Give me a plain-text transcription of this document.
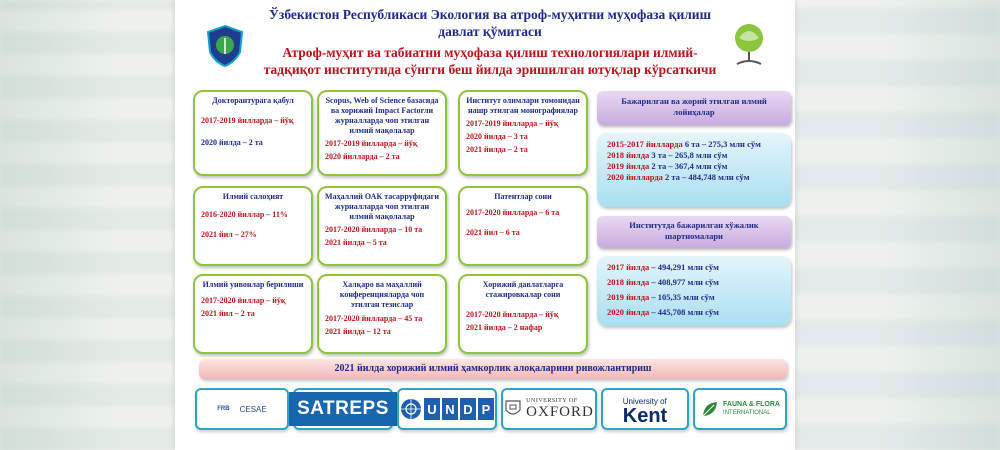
Ўзбекистон Республикаси Экология ва атроф-муҳитни муҳофаза қилиш давлат қўмитаси
Атроф-муҳит ва табиатни муҳофаза қилиш технологиялари илмий-тадқиқот институтида сўнгги беш йилда эришилган ютуқлар кўрсаткичи
Докторантурага қабул
2017-2019 йилларда – йўқ
2020 йилда – 2 та
Scopus, Web of Science базасида ва хорижий Impact Factorли журналларда чоп этилган илмий мақолалар
2017-2019 йилларда – йўқ
2020 йилларда – 2 та
Институт олимлари томонидан нашр этилган монографиялар
2017-2019 йилларда – йўқ
2020 йилда – 3 та
2021 йилда – 2 та
Илмий салоҳият
2016-2020 йиллар – 11%
2021 йил – 27%
Маҳаллий ОАК тасарруфидаги журналларда чоп этилган илмий мақолалар
2017-2020 йилларда – 10 та
2021 йилда – 5 та
Патентлар сони
2017-2020 йилларда – 6 та
2021 йил – 6 та
Илмий унвонлар берилиши
2017-2020 йиллар – йўқ
2021 йил – 2 та
Халқаро ва маҳаллий конференцияларда чоп этилган тезислар
2017-2020 йилларда – 45 та
2021 йилда – 12 та
Хорижий давлатларга стажировкалар сони
2017-2020 йилларда – йўқ
2021 йилда – 2 нафар
Бажарилган ва жорий этилган илмий лойиҳалар
2015-2017 йилларда 6 та – 275,3 млн сўм
2018 йилда 3 та – 265,8 млн сўм
2019 йилда 2 та – 367,4 млн сўм
2020 йилларда 2 та – 484,748 млн сўм
Институтда бажарилган хўжалик шартномалари
2017 йилда – 494,291 млн сўм
2018 йилда – 408,977 млн сўм
2019 йилда – 105,35 млн сўм
2020 йилда – 445,708 млн сўм
2021 йилда хорижий илмий ҳамкорлик алоқаларини ривожлантириш
FRB CESAE	SATREPS	U N D P
UNIVERSITY OF
OXFORD
University of
Kent
FAUNA & FLORA
INTERNATIONAL
